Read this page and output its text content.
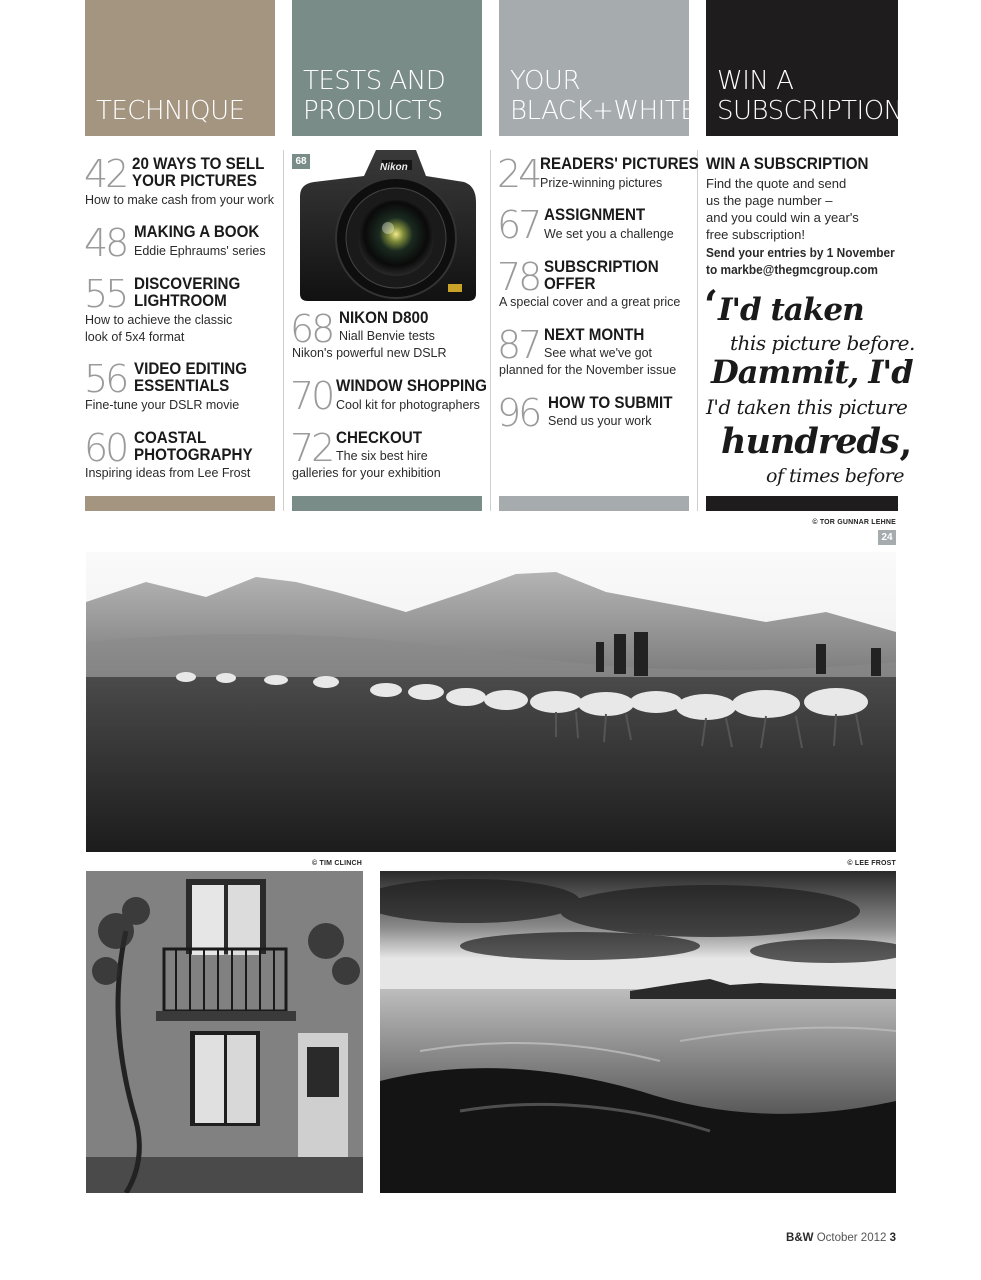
TECHNIQUE
TESTS AND
PRODUCTS
YOUR
BLACK+WHITE
WIN A
SUBSCRIPTION
42 20 WAYS TO SELL
YOUR PICTURES
How to make cash from your work
48 MAKING A BOOK
Eddie Ephraums' series
55 DISCOVERING
LIGHTROOM
How to achieve the classic
look of 5x4 format
56 VIDEO EDITING
ESSENTIALS
Fine-tune your DSLR movie
60 COASTAL
PHOTOGRAPHY
Inspiring ideas from Lee Frost
68
Nikon
68 NIKON D800
Niall Benvie tests
Nikon's powerful new DSLR
70 WINDOW SHOPPING
Cool kit for photographers
72 CHECKOUT
The six best hire
galleries for your exhibition
24 READERS' PICTURES
Prize-winning pictures
67 ASSIGNMENT
We set you a challenge
78 SUBSCRIPTION
OFFER
A special cover and a great price
87 NEXT MONTH
See what we've got
planned for the November issue
96 HOW TO SUBMIT
Send us your work
WIN A SUBSCRIPTION
Find the quote and send
us the page number –
and you could win a year's
free subscription!
Send your entries by 1 November
to markbe@thegmcgroup.com
‘ I'd taken
this picture before.
Dammit, I'd
I'd taken this picture
hundreds
of times before
’
© TOR GUNNAR LEHNE
24
© TIM CLINCH	© LEE FROST
B&W October 2012 3
